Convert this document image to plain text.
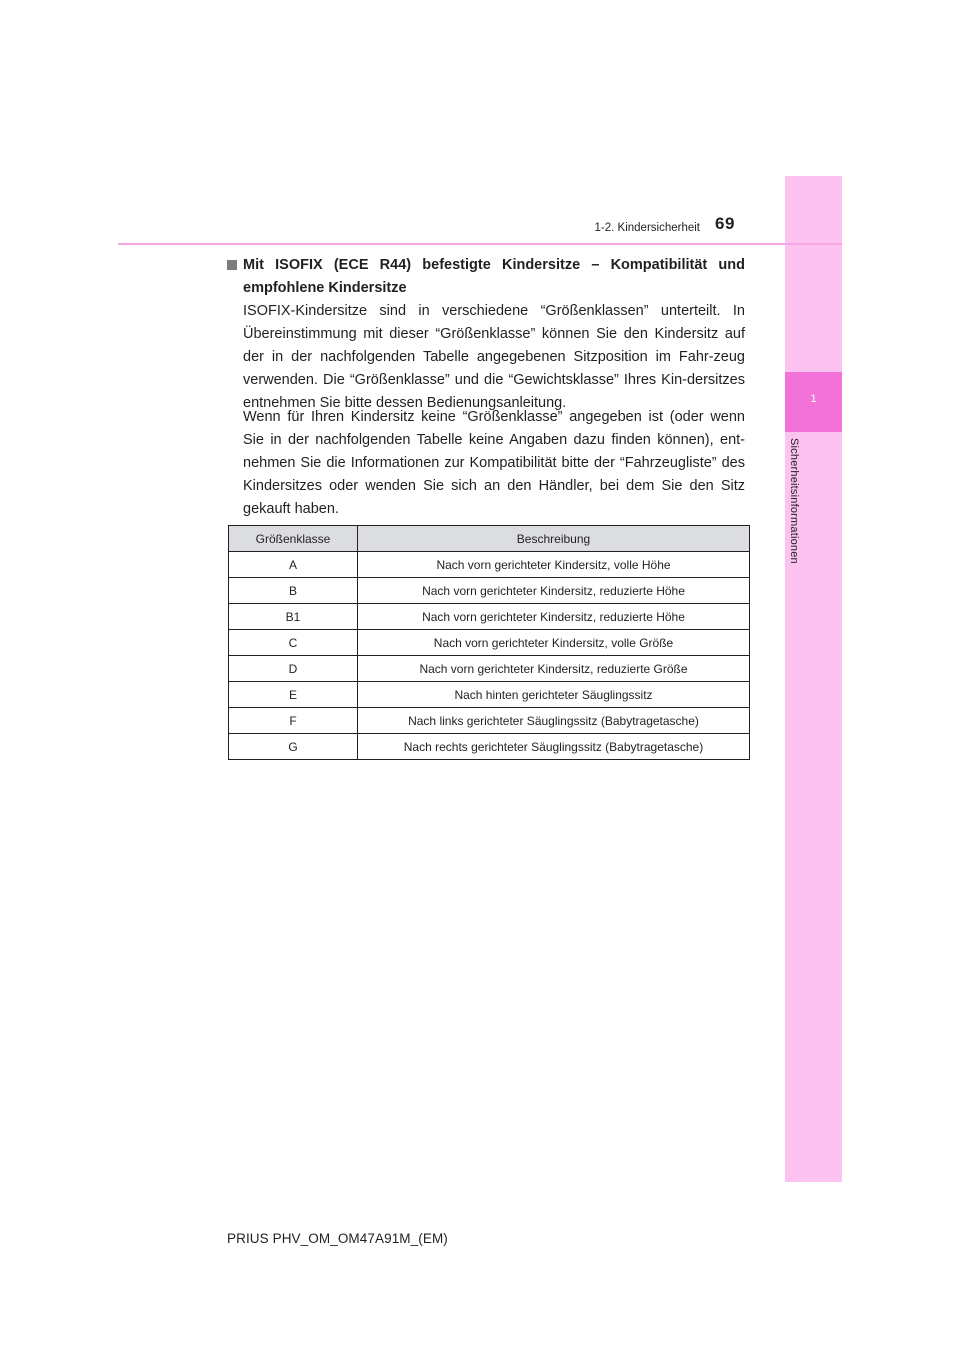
1
Sicherheitsinformationen
1-2. Kindersicherheit 69
Mit ISOFIX (ECE R44) befestigte Kindersitze – Kompatibilität und empfohlene Kindersitze

ISOFIX-Kindersitze sind in verschiedene “Größenklassen” unterteilt. In Übereinstimmung mit dieser “Größenklasse” können Sie den Kindersitz auf der in der nachfolgenden Tabelle angegebenen Sitzposition im Fahr-zeug verwenden. Die “Größenklasse” und die “Gewichtsklasse” Ihres Kin-dersitzes entnehmen Sie bitte dessen Bedienungsanleitung.

Wenn für Ihren Kindersitz keine “Größenklasse” angegeben ist (oder wenn Sie in der nachfolgenden Tabelle keine Angaben dazu finden können), ent-nehmen Sie die Informationen zur Kompatibilität bitte der “Fahrzeugliste” des Kindersitzes oder wenden Sie sich an den Händler, bei dem Sie den Sitz gekauft haben.

Größenklasse	Beschreibung
A	Nach vorn gerichteter Kindersitz, volle Höhe
B	Nach vorn gerichteter Kindersitz, reduzierte Höhe
B1	Nach vorn gerichteter Kindersitz, reduzierte Höhe
C	Nach vorn gerichteter Kindersitz, volle Größe
D	Nach vorn gerichteter Kindersitz, reduzierte Größe
E	Nach hinten gerichteter Säuglingssitz
F	Nach links gerichteter Säuglingssitz (Babytragetasche)
G	Nach rechts gerichteter Säuglingssitz (Babytragetasche)
PRIUS PHV_OM_OM47A91M_(EM)
